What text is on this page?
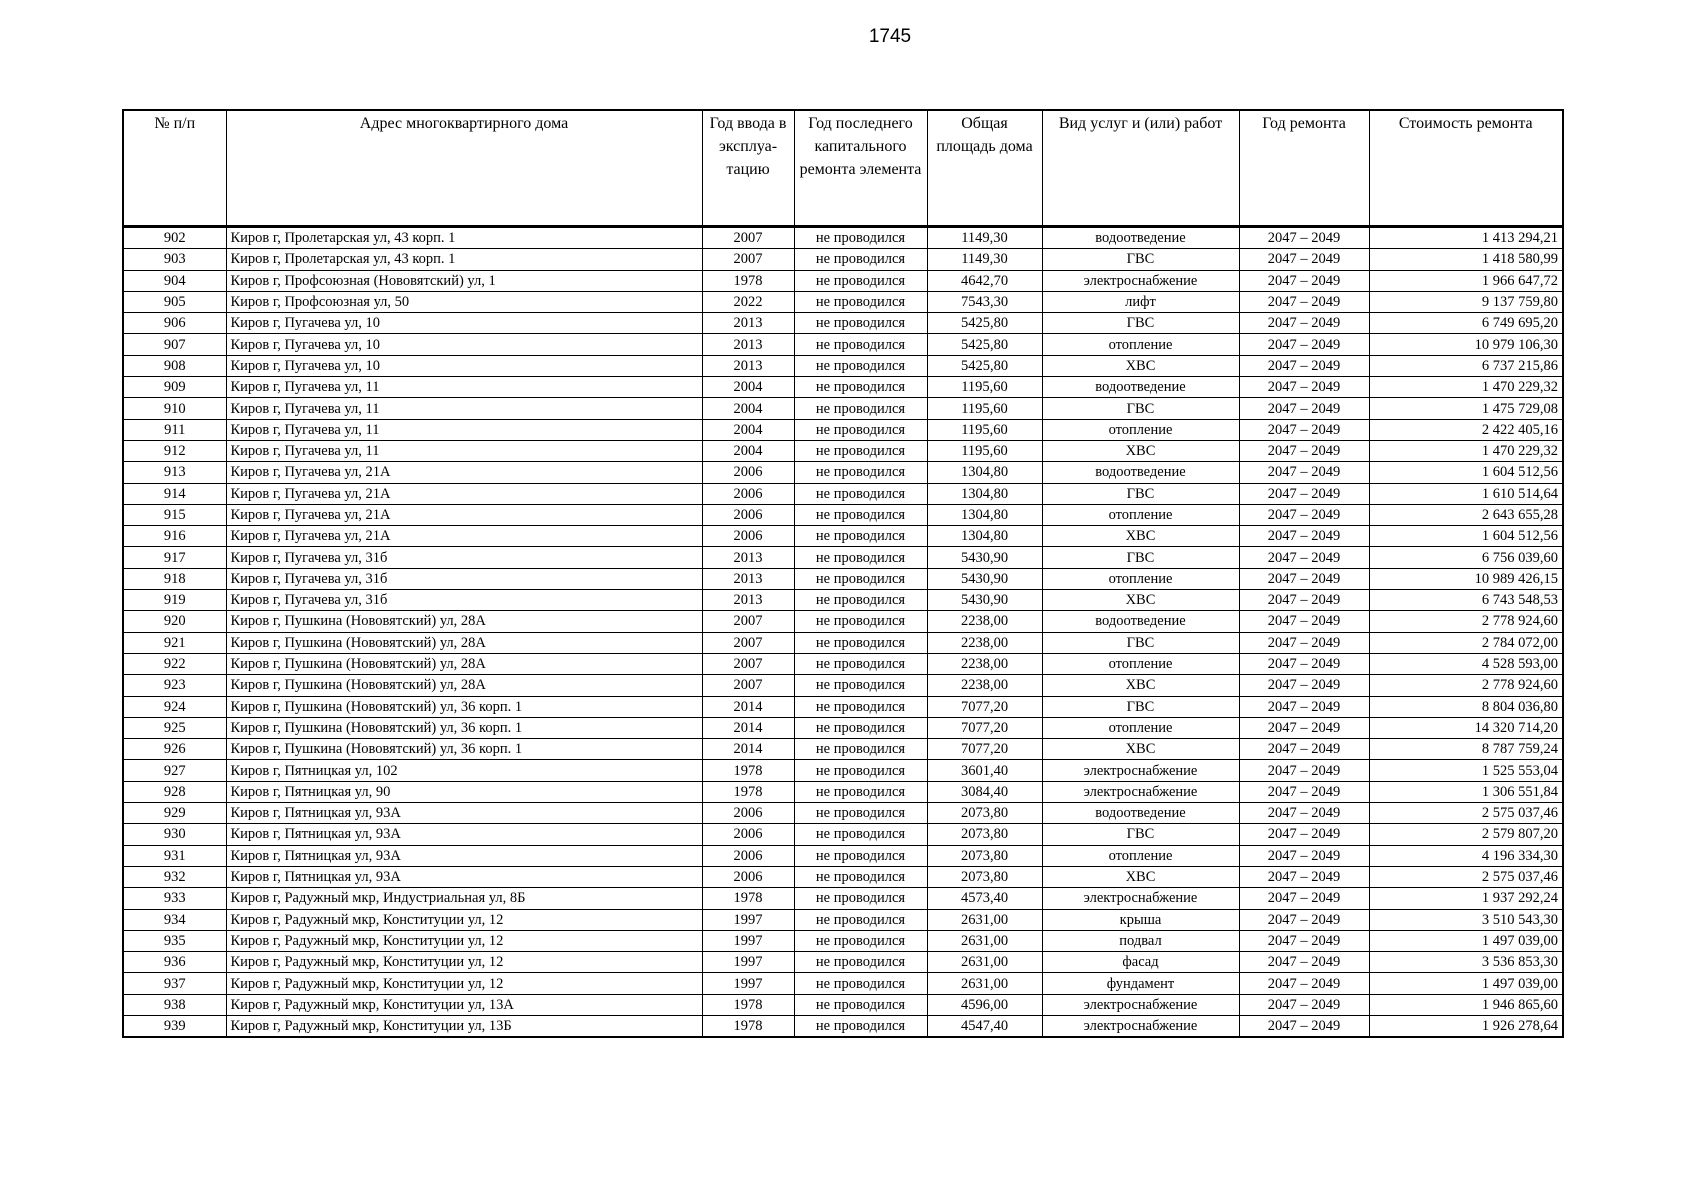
1745
№ п/п	Адрес многоквартирного дома	Год ввода в эксплуа-тацию	Год последнего капитального ремонта элемента	Общая площадь дома	Вид услуг и (или) работ	Год ремонта	Стоимость ремонта
902	Киров г, Пролетарская ул, 43 корп. 1	2007	не проводился	1149,30	водоотведение	2047 – 2049	1 413 294,21
903	Киров г, Пролетарская ул, 43 корп. 1	2007	не проводился	1149,30	ГВС	2047 – 2049	1 418 580,99
904	Киров г, Профсоюзная (Нововятский) ул, 1	1978	не проводился	4642,70	электроснабжение	2047 – 2049	1 966 647,72
905	Киров г, Профсоюзная ул, 50	2022	не проводился	7543,30	лифт	2047 – 2049	9 137 759,80
906	Киров г, Пугачева ул, 10	2013	не проводился	5425,80	ГВС	2047 – 2049	6 749 695,20
907	Киров г, Пугачева ул, 10	2013	не проводился	5425,80	отопление	2047 – 2049	10 979 106,30
908	Киров г, Пугачева ул, 10	2013	не проводился	5425,80	ХВС	2047 – 2049	6 737 215,86
909	Киров г, Пугачева ул, 11	2004	не проводился	1195,60	водоотведение	2047 – 2049	1 470 229,32
910	Киров г, Пугачева ул, 11	2004	не проводился	1195,60	ГВС	2047 – 2049	1 475 729,08
911	Киров г, Пугачева ул, 11	2004	не проводился	1195,60	отопление	2047 – 2049	2 422 405,16
912	Киров г, Пугачева ул, 11	2004	не проводился	1195,60	ХВС	2047 – 2049	1 470 229,32
913	Киров г, Пугачева ул, 21А	2006	не проводился	1304,80	водоотведение	2047 – 2049	1 604 512,56
914	Киров г, Пугачева ул, 21А	2006	не проводился	1304,80	ГВС	2047 – 2049	1 610 514,64
915	Киров г, Пугачева ул, 21А	2006	не проводился	1304,80	отопление	2047 – 2049	2 643 655,28
916	Киров г, Пугачева ул, 21А	2006	не проводился	1304,80	ХВС	2047 – 2049	1 604 512,56
917	Киров г, Пугачева ул, 31б	2013	не проводился	5430,90	ГВС	2047 – 2049	6 756 039,60
918	Киров г, Пугачева ул, 31б	2013	не проводился	5430,90	отопление	2047 – 2049	10 989 426,15
919	Киров г, Пугачева ул, 31б	2013	не проводился	5430,90	ХВС	2047 – 2049	6 743 548,53
920	Киров г, Пушкина (Нововятский) ул, 28А	2007	не проводился	2238,00	водоотведение	2047 – 2049	2 778 924,60
921	Киров г, Пушкина (Нововятский) ул, 28А	2007	не проводился	2238,00	ГВС	2047 – 2049	2 784 072,00
922	Киров г, Пушкина (Нововятский) ул, 28А	2007	не проводился	2238,00	отопление	2047 – 2049	4 528 593,00
923	Киров г, Пушкина (Нововятский) ул, 28А	2007	не проводился	2238,00	ХВС	2047 – 2049	2 778 924,60
924	Киров г, Пушкина (Нововятский) ул, 36 корп. 1	2014	не проводился	7077,20	ГВС	2047 – 2049	8 804 036,80
925	Киров г, Пушкина (Нововятский) ул, 36 корп. 1	2014	не проводился	7077,20	отопление	2047 – 2049	14 320 714,20
926	Киров г, Пушкина (Нововятский) ул, 36 корп. 1	2014	не проводился	7077,20	ХВС	2047 – 2049	8 787 759,24
927	Киров г, Пятницкая ул, 102	1978	не проводился	3601,40	электроснабжение	2047 – 2049	1 525 553,04
928	Киров г, Пятницкая ул, 90	1978	не проводился	3084,40	электроснабжение	2047 – 2049	1 306 551,84
929	Киров г, Пятницкая ул, 93А	2006	не проводился	2073,80	водоотведение	2047 – 2049	2 575 037,46
930	Киров г, Пятницкая ул, 93А	2006	не проводился	2073,80	ГВС	2047 – 2049	2 579 807,20
931	Киров г, Пятницкая ул, 93А	2006	не проводился	2073,80	отопление	2047 – 2049	4 196 334,30
932	Киров г, Пятницкая ул, 93А	2006	не проводился	2073,80	ХВС	2047 – 2049	2 575 037,46
933	Киров г, Радужный мкр, Индустриальная ул, 8Б	1978	не проводился	4573,40	электроснабжение	2047 – 2049	1 937 292,24
934	Киров г, Радужный мкр, Конституции ул, 12	1997	не проводился	2631,00	крыша	2047 – 2049	3 510 543,30
935	Киров г, Радужный мкр, Конституции ул, 12	1997	не проводился	2631,00	подвал	2047 – 2049	1 497 039,00
936	Киров г, Радужный мкр, Конституции ул, 12	1997	не проводился	2631,00	фасад	2047 – 2049	3 536 853,30
937	Киров г, Радужный мкр, Конституции ул, 12	1997	не проводился	2631,00	фундамент	2047 – 2049	1 497 039,00
938	Киров г, Радужный мкр, Конституции ул, 13А	1978	не проводился	4596,00	электроснабжение	2047 – 2049	1 946 865,60
939	Киров г, Радужный мкр, Конституции ул, 13Б	1978	не проводился	4547,40	электроснабжение	2047 – 2049	1 926 278,64
